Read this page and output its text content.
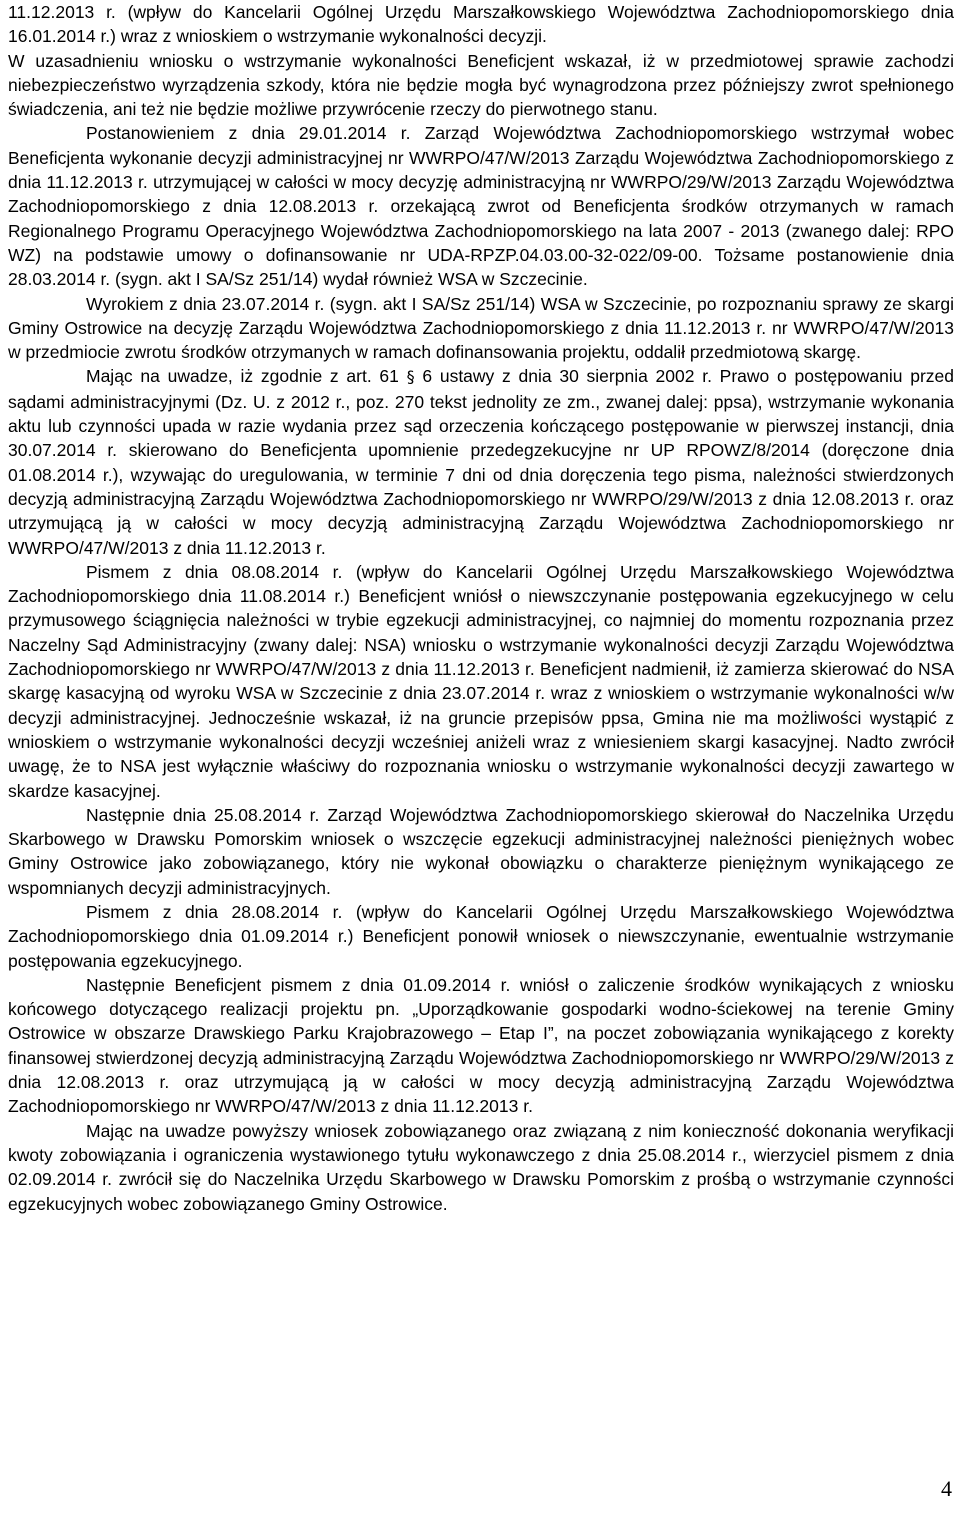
11.12.2013 r. (wpływ do Kancelarii Ogólnej Urzędu Marszałkowskiego Województwa Zachodniopomorskiego dnia 16.01.2014 r.) wraz z wnioskiem o wstrzymanie wykonalności decyzji.

W uzasadnieniu wniosku o wstrzymanie wykonalności Beneficjent wskazał, iż w przedmiotowej sprawie zachodzi niebezpieczeństwo wyrządzenia szkody, która nie będzie mogła być wynagrodzona przez późniejszy zwrot spełnionego świadczenia, ani też nie będzie możliwe przywrócenie rzeczy do pierwotnego stanu.

Postanowieniem z dnia 29.01.2014 r. Zarząd Województwa Zachodniopomorskiego wstrzymał wobec Beneficjenta wykonanie decyzji administracyjnej nr WWRPO/47/W/2013 Zarządu Województwa Zachodniopomorskiego z dnia 11.12.2013 r. utrzymującej w całości w mocy decyzję administracyjną nr WWRPO/29/W/2013 Zarządu Województwa Zachodniopomorskiego z dnia 12.08.2013 r. orzekającą zwrot od Beneficjenta środków otrzymanych w ramach Regionalnego Programu Operacyjnego Województwa Zachodniopomorskiego na lata 2007 - 2013 (zwanego dalej: RPO WZ) na podstawie umowy o dofinansowanie nr UDA-RPZP.04.03.00-32-022/09-00. Tożsame postanowienie dnia 28.03.2014 r. (sygn. akt I SA/Sz 251/14) wydał również WSA w Szczecinie.

Wyrokiem z dnia 23.07.2014 r. (sygn. akt I SA/Sz 251/14) WSA w Szczecinie, po rozpoznaniu sprawy ze skargi Gminy Ostrowice na decyzję Zarządu Województwa Zachodniopomorskiego z dnia 11.12.2013 r. nr WWRPO/47/W/2013 w przedmiocie zwrotu środków otrzymanych w ramach dofinansowania projektu, oddalił przedmiotową skargę.

Mając na uwadze, iż zgodnie z art. 61 § 6 ustawy z dnia 30 sierpnia 2002 r. Prawo o postępowaniu przed sądami administracyjnymi (Dz. U. z 2012 r., poz. 270 tekst jednolity ze zm., zwanej dalej: ppsa), wstrzymanie wykonania aktu lub czynności upada w razie wydania przez sąd orzeczenia kończącego postępowanie w pierwszej instancji, dnia 30.07.2014 r. skierowano do Beneficjenta upomnienie przedegzekucyjne nr UP RPOWZ/8/2014 (doręczone dnia 01.08.2014 r.), wzywając do uregulowania, w terminie 7 dni od dnia doręczenia tego pisma, należności stwierdzonych decyzją administracyjną Zarządu Województwa Zachodniopomorskiego nr WWRPO/29/W/2013 z dnia 12.08.2013 r. oraz utrzymującą ją w całości w mocy decyzją administracyjną Zarządu Województwa Zachodniopomorskiego nr WWRPO/47/W/2013 z dnia 11.12.2013 r.

Pismem z dnia 08.08.2014 r. (wpływ do Kancelarii Ogólnej Urzędu Marszałkowskiego Województwa Zachodniopomorskiego dnia 11.08.2014 r.) Beneficjent wniósł o niewszczynanie postępowania egzekucyjnego w celu przymusowego ściągnięcia należności w trybie egzekucji administracyjnej, co najmniej do momentu rozpoznania przez Naczelny Sąd Administracyjny (zwany dalej: NSA) wniosku o wstrzymanie wykonalności decyzji Zarządu Województwa Zachodniopomorskiego nr WWRPO/47/W/2013 z dnia 11.12.2013 r. Beneficjent nadmienił, iż zamierza skierować do NSA skargę kasacyjną od wyroku WSA w Szczecinie z dnia 23.07.2014 r. wraz z wnioskiem o wstrzymanie wykonalności w/w decyzji administracyjnej. Jednocześnie wskazał, iż na gruncie przepisów ppsa, Gmina nie ma możliwości wystąpić z wnioskiem o wstrzymanie wykonalności decyzji wcześniej aniżeli wraz z wniesieniem skargi kasacyjnej. Nadto zwrócił uwagę, że to NSA jest wyłącznie właściwy do rozpoznania wniosku o wstrzymanie wykonalności decyzji zawartego w skardze kasacyjnej.

Następnie dnia 25.08.2014 r. Zarząd Województwa Zachodniopomorskiego skierował do Naczelnika Urzędu Skarbowego w Drawsku Pomorskim wniosek o wszczęcie egzekucji administracyjnej należności pieniężnych wobec Gminy Ostrowice jako zobowiązanego, który nie wykonał obowiązku o charakterze pieniężnym wynikającego ze wspomnianych decyzji administracyjnych.

Pismem z dnia 28.08.2014 r. (wpływ do Kancelarii Ogólnej Urzędu Marszałkowskiego Województwa Zachodniopomorskiego dnia 01.09.2014 r.) Beneficjent ponowił wniosek o niewszczynanie, ewentualnie wstrzymanie postępowania egzekucyjnego.

Następnie Beneficjent pismem z dnia 01.09.2014 r. wniósł o zaliczenie środków wynikających z wniosku końcowego dotyczącego realizacji projektu pn. „Uporządkowanie gospodarki wodno-ściekowej na terenie Gminy Ostrowice w obszarze Drawskiego Parku Krajobrazowego – Etap I”, na poczet zobowiązania wynikającego z korekty finansowej stwierdzonej decyzją administracyjną Zarządu Województwa Zachodniopomorskiego nr WWRPO/29/W/2013 z dnia 12.08.2013 r. oraz utrzymującą ją w całości w mocy decyzją administracyjną Zarządu Województwa Zachodniopomorskiego nr WWRPO/47/W/2013 z dnia 11.12.2013 r.

Mając na uwadze powyższy wniosek zobowiązanego oraz związaną z nim konieczność dokonania weryfikacji kwoty zobowiązania i ograniczenia wystawionego tytułu wykonawczego z dnia 25.08.2014 r., wierzyciel pismem z dnia 02.09.2014 r. zwrócił się do Naczelnika Urzędu Skarbowego w Drawsku Pomorskim z prośbą o wstrzymanie czynności egzekucyjnych wobec zobowiązanego Gminy Ostrowice.

4
